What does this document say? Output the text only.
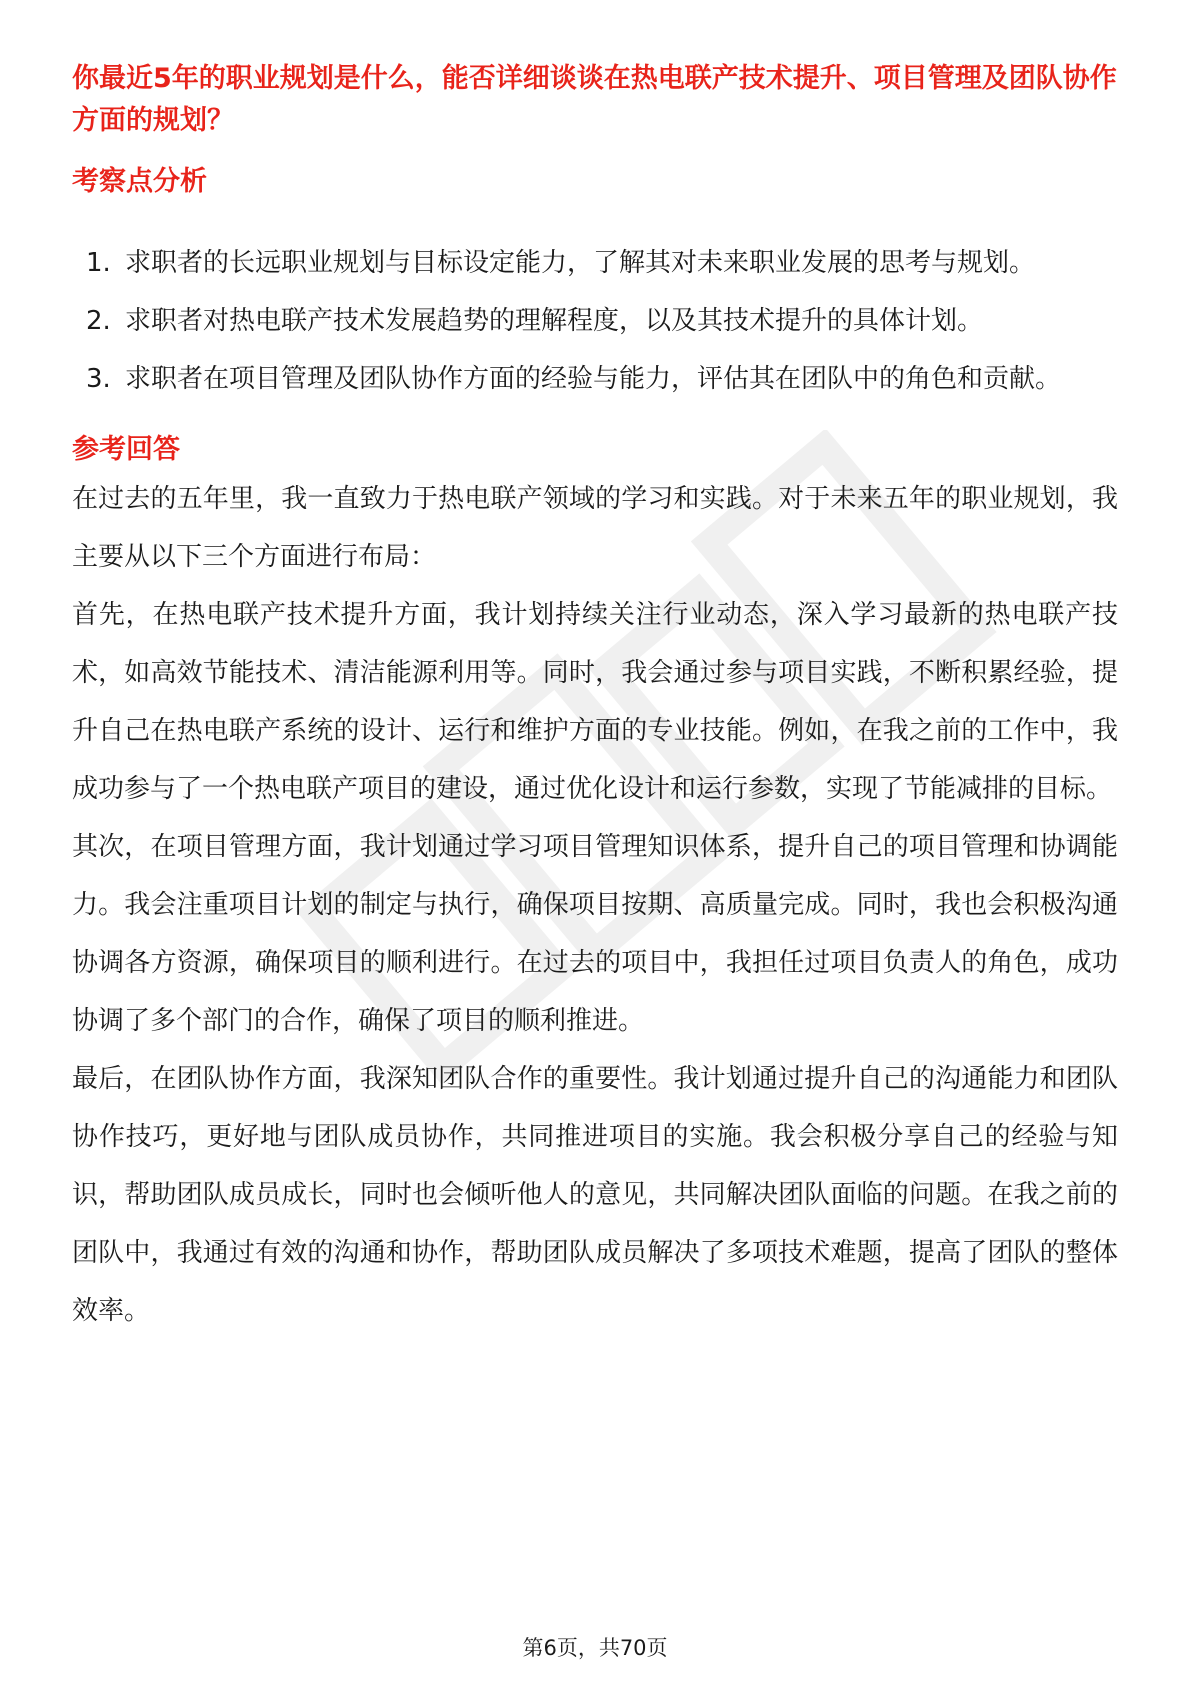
你最近5年的职业规划是什么，能否详细谈谈在热电联产技术提升、项目管理及团队协作方面的规划？
考察点分析
1. 求职者的长远职业规划与目标设定能力，了解其对未来职业发展的思考与规划。
2. 求职者对热电联产技术发展趋势的理解程度，以及其技术提升的具体计划。
3. 求职者在项目管理及团队协作方面的经验与能力，评估其在团队中的角色和贡献。
参考回答

在过去的五年里，我一直致力于热电联产领域的学习和实践。对于未来五年的职业规划，我主要从以下三个方面进行布局：

首先，在热电联产技术提升方面，我计划持续关注行业动态，深入学习最新的热电联产技术，如高效节能技术、清洁能源利用等。同时，我会通过参与项目实践，不断积累经验，提升自己在热电联产系统的设计、运行和维护方面的专业技能。例如，在我之前的工作中，我成功参与了一个热电联产项目的建设，通过优化设计和运行参数，实现了节能减排的目标。

其次，在项目管理方面，我计划通过学习项目管理知识体系，提升自己的项目管理和协调能力。我会注重项目计划的制定与执行，确保项目按期、高质量完成。同时，我也会积极沟通协调各方资源，确保项目的顺利进行。在过去的项目中，我担任过项目负责人的角色，成功协调了多个部门的合作，确保了项目的顺利推进。

最后，在团队协作方面，我深知团队合作的重要性。我计划通过提升自己的沟通能力和团队协作技巧，更好地与团队成员协作，共同推进项目的实施。我会积极分享自己的经验与知识，帮助团队成员成长，同时也会倾听他人的意见，共同解决团队面临的问题。在我之前的团队中，我通过有效的沟通和协作，帮助团队成员解决了多项技术难题，提高了团队的整体效率。

第6页，共70页
